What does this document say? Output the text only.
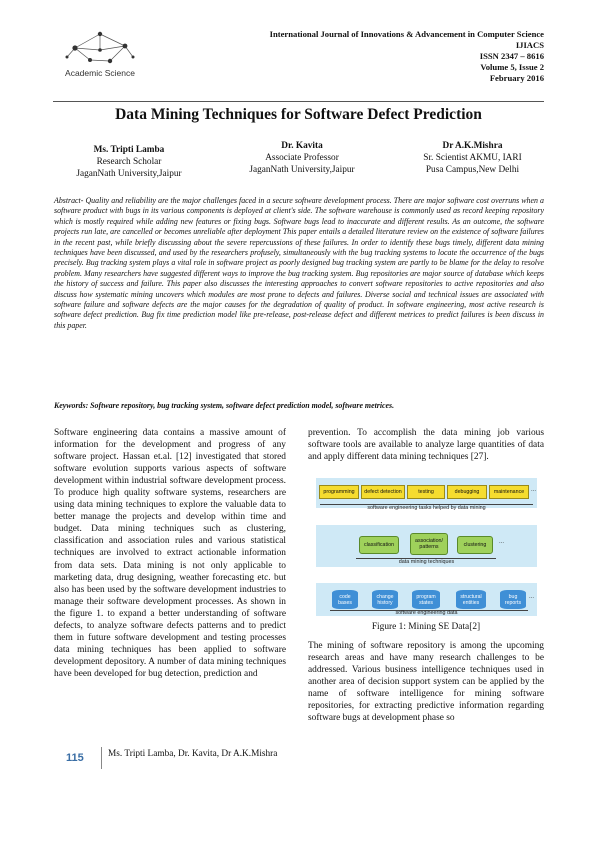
Academic Science
International Journal of Innovations & Advancement in Computer Science
IJIACS
ISSN 2347 – 8616
Volume 5, Issue 2
February 2016
Data Mining Techniques for Software Defect Prediction
Ms. Tripti Lamba
Research Scholar
JaganNath University,Jaipur
Dr. Kavita
Associate Professor
JaganNath University,Jaipur
Dr A.K.Mishra
Sr. Scientist AKMU, IARI
Pusa Campus,New Delhi
Abstract- Quality and reliability are the major challenges faced in a secure software development process. There are major software cost overruns when a software product with bugs in its various components is deployed at client's side. The software warehouse is commonly used as record keeping repository which is mostly required while adding new features or fixing bugs. Software bugs lead to inaccurate and different results. As an outcome, the software projects run late, are cancelled or becomes unreliable after deployment This paper entails a detailed literature review on the existence of software failures in the recent past, while briefly discussing about the severe repercussions of these failures. In order to identify these bugs timely, different data mining techniques have been discussed, and used by the researchers profusely, simultaneously with the bug tracking systems to locate the occurrence of the bugs precisely. Bug tracking system plays a vital role in software project as poorly designed bug tracking system are partly to be blame for the delay to resolve problem. Many researchers have suggested different ways to improve the bug tracking system. Bug repositories are major source of database which keeps the history of success and failure. This paper also discusses the interesting approaches to convert software repositories to active repositories and also discuss how systematic mining uncovers which modules are most prone to defects and failures. Diverse social and technical issues are associated with software failure and software defects are the major causes for the degradation of quality of product. In software engineering, most active research is software defect prediction. Bug fix time prediction model like pre-release, post-release defect and different metrices to predict failures is been discuss in this paper.
Keywords: Software repository, bug tracking system, software defect prediction model, software metrices.
Software engineering data contains a massive amount of information for the development and progress of any software project. Hassan et.al. [12] investigated that stored software evolution supports various aspects of software development within industrial software development process. To produce high quality software systems, researchers are using data mining techniques to explore the valuable data to better manage the projects and develop within time and budget. Data mining techniques such as clustering, classification and association rules and various statistical techniques are involved to extract actionable information from data sets. Data mining is not only applicable to marketing data, drug designing, weather forecasting etc. but also has been used by the software development industries to manage their software development processes. As shown in the figure 1. to expand a better understanding of software defects, to analyze software defects patterns and to predict them in future software development and testing processes data mining techniques has been applied to software development depository. A number of data mining techniques have been developed for bug detection, prediction and
prevention. To accomplish the data mining job various software tools are available to analyze large quantities of data and apply different data mining techniques [27].
programming	defect detection	testing	debugging	maintenance	...
software engineering tasks helped by data mining
classification
association/ patterns	clustering	...
data mining techniques
code bases
change history
program states
structural entities
bug reports
...
software engineering data
Figure 1: Mining SE Data[2]
The mining of software repository is among the upcoming research areas and have many research challenges to be addressed. Various business intelligence techniques used in another area of decision support system can be applied by the name of software intelligence for mining software repositories, for extracting predictive information regarding software bugs at development phase so
115	Ms. Tripti Lamba, Dr. Kavita, Dr A.K.Mishra
